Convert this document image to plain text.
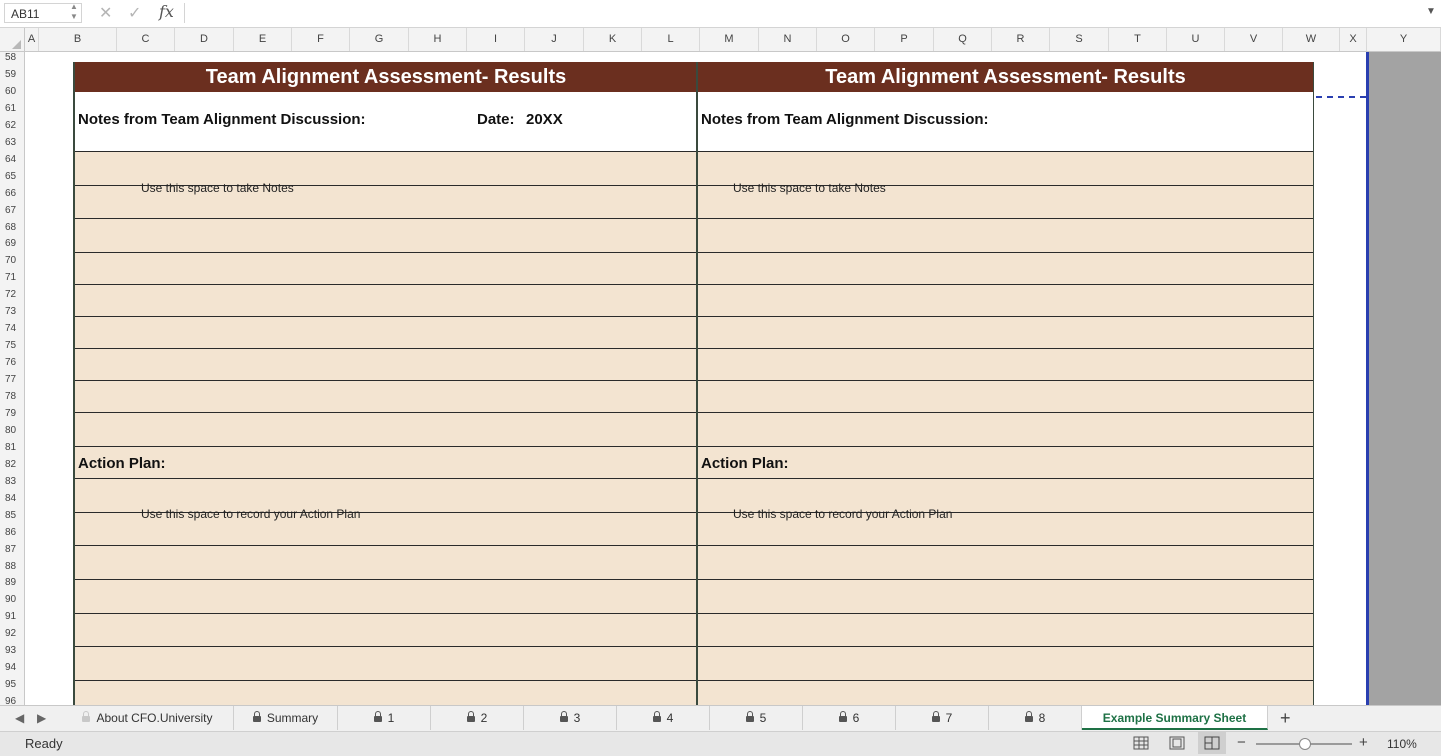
AB11
▲
▼ ✕ ✓ fx	▼
A	B	C	D	E	F	G	H	I	J	K	L	M	N	O	P	Q	R	S	T	U	V	W	X	Y
58
59
60
61
62
63
64
65
66
67
68
69
70
71
72
73
74
75
76
77
78
79
80
81
82
83
84
85
86
87
88
89
90
91
92
93
94
95
96
Team Alignment Assessment- Results
Notes from Team Alignment Discussion:	Date: 20XX
Use this space to take Notes
Action Plan:
Use this space to record your Action Plan
Team Alignment Assessment- Results
Notes from Team Alignment Discussion:
Use this space to take Notes
Action Plan:
Use this space to record your Action Plan
◀ ▶	About CFO.University	Summary	1	2	3	4	5	6	7	8	Example Summary Sheet	+
Ready	−	+ 110%
